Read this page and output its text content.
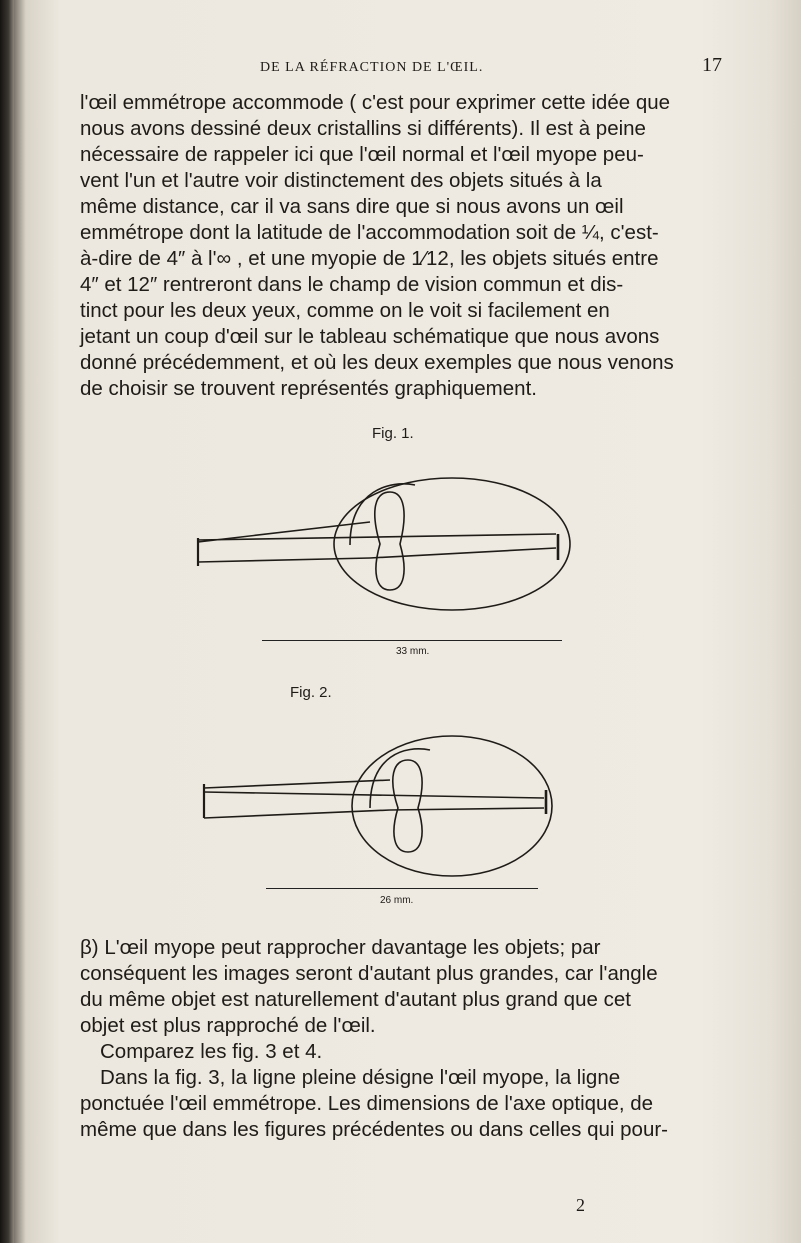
DE LA RÉFRACTION DE L'ŒIL.	17

l'œil emmétrope accommode ( c'est pour exprimer cette idée que

nous avons dessiné deux cristallins si différents). Il est à peine

nécessaire de rappeler ici que l'œil normal et l'œil myope peu-

vent l'un et l'autre voir distinctement des objets situés à la

même distance, car il va sans dire que si nous avons un œil

emmétrope dont la latitude de l'accommodation soit de ¼, c'est-

à-dire de 4″ à l'∞ , et une myopie de 1⁄12, les objets situés entre

4″ et 12″ rentreront dans le champ de vision commun et dis-

tinct pour les deux yeux, comme on le voit si facilement en

jetant un coup d'œil sur le tableau schématique que nous avons

donné précédemment, et où les deux exemples que nous venons

de choisir se trouvent représentés graphiquement.

Fig. 1.
33 mm.
Fig. 2.
26 mm.

β) L'œil myope peut rapprocher davantage les objets; par

conséquent les images seront d'autant plus grandes, car l'angle

du même objet est naturellement d'autant plus grand que cet

objet est plus rapproché de l'œil.

Comparez les fig. 3 et 4.

Dans la fig. 3, la ligne pleine désigne l'œil myope, la ligne

ponctuée l'œil emmétrope. Les dimensions de l'axe optique, de

même que dans les figures précédentes ou dans celles qui pour-

2
